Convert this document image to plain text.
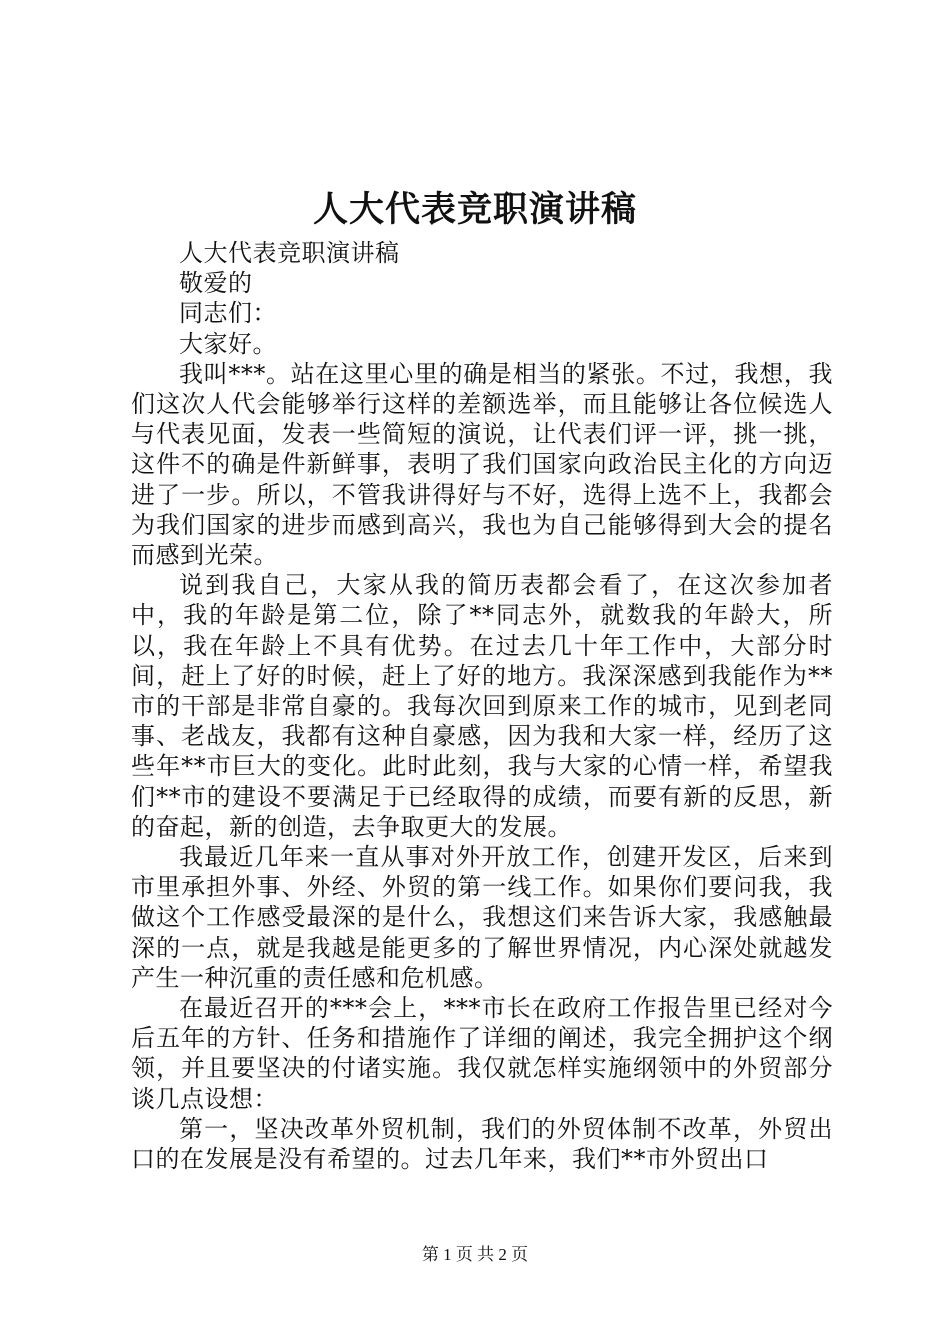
人大代表竞职演讲稿

人大代表竞职演讲稿

敬爱的

同志们：

大家好。

我叫***。站在这里心里的确是相当的紧张。不过，我想，我们这次人代会能够举行这样的差额选举，而且能够让各位候选人与代表见面，发表一些简短的演说，让代表们评一评，挑一挑，这件不的确是件新鲜事，表明了我们国家向政治民主化的方向迈进了一步。所以，不管我讲得好与不好，选得上选不上，我都会为我们国家的进步而感到高兴，我也为自己能够得到大会的提名而感到光荣。

说到我自己，大家从我的简历表都会看了，在这次参加者中，我的年龄是第二位，除了**同志外，就数我的年龄大，所以，我在年龄上不具有优势。在过去几十年工作中，大部分时间，赶上了好的时候，赶上了好的地方。我深深感到我能作为**市的干部是非常自豪的。我每次回到原来工作的城市，见到老同事、老战友，我都有这种自豪感，因为我和大家一样，经历了这些年**市巨大的变化。此时此刻，我与大家的心情一样，希望我们**市的建设不要满足于已经取得的成绩，而要有新的反思，新的奋起，新的创造，去争取更大的发展。

我最近几年来一直从事对外开放工作，创建开发区，后来到市里承担外事、外经、外贸的第一线工作。如果你们要问我，我做这个工作感受最深的是什么，我想这们来告诉大家，我感触最深的一点，就是我越是能更多的了解世界情况，内心深处就越发产生一种沉重的责任感和危机感。

在最近召开的***会上，***市长在政府工作报告里已经对今后五年的方针、任务和措施作了详细的阐述，我完全拥护这个纲领，并且要坚决的付诸实施。我仅就怎样实施纲领中的外贸部分谈几点设想：

第一，坚决改革外贸机制，我们的外贸体制不改革，外贸出口的在发展是没有希望的。过去几年来，我们**市外贸出口

第 1 页 共 2 页
